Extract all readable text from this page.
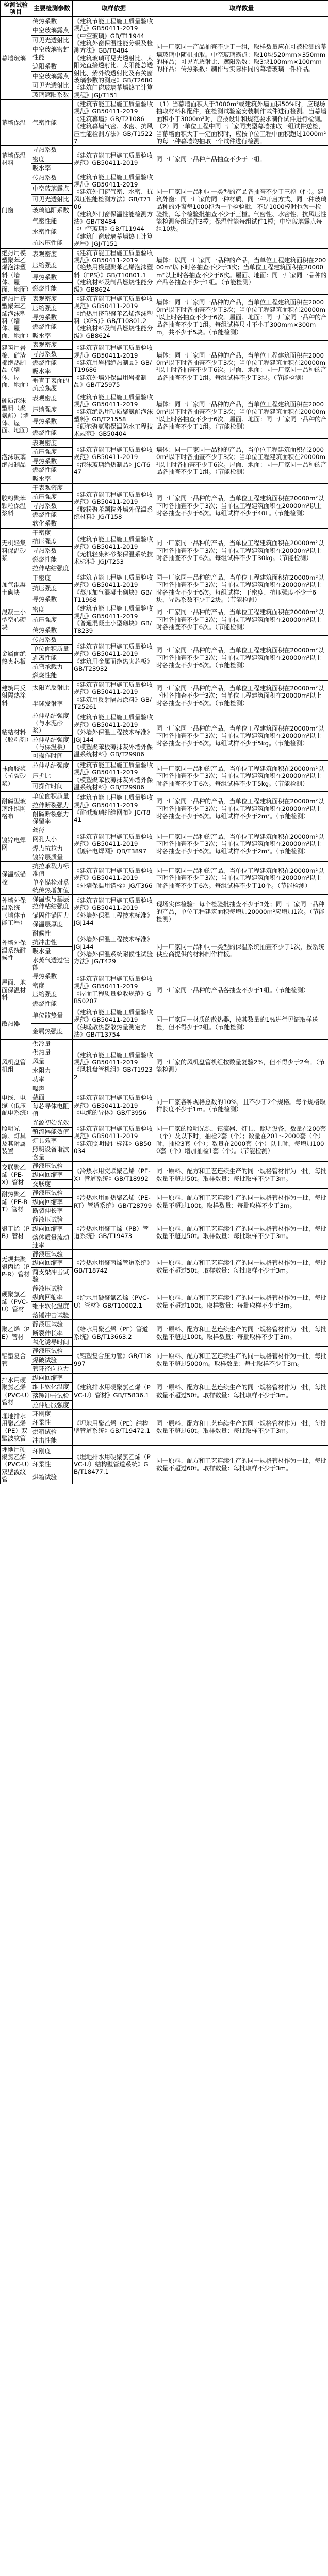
检测试验项目	主要检测参数	取样依据	取样数量
幕墙玻璃	传热系数	《建筑节能工程施工质量验收规范》GB50411-2019
《中空玻璃》GB/T11944
《建筑外窗保温性能分级及检测方法》GB/T8484
《建筑玻璃可见光透射比、太阳光直接透射比、太阳能总透射比、紫外线透射比及有关窗玻璃参数的测定》GB/T2680
《建筑门窗玻璃幕墙热工计算规程》JGJ/T151	同一厂家同一产品抽查不少于一组，取样数量应在可被检测的幕墙玻璃中随机抽取。中空玻璃露点：取10块520mm×350mm的样品；可见光透射比、遮阳系数：取3块100mm×100mm的样品；传热系数：制作与实际相同的幕墙玻璃一件样品。
	中空玻璃露点		
	可见光透射比		
	中空玻璃密封性能		
	遮阳系数		
	中空玻璃露点		
	可见光透射比		
	玻璃遮阳系数		
幕墙保温	气密性能	《建筑节能工程施工质量验收规范》GB50411-2019
《建筑幕墙》GB/T21086
《建筑幕墙气密、水密、抗风压性能检测方法》GB/T15227	（1）当幕墙面积大于3000m²或建筑外墙面积50%时，应现场抽取材料和配件，在检测试验室安装制作试件进行检测。当幕墙面积小于3000m²时，应按设计和规范要求制作试件进行检测。（2）同一单位工程中同一厂家同类型幕墙抽取一组试件送检，当幕墙面积大于一定面积时，应按单位工程中面积超过1000m²的每一种幕墙均抽取一个试件进行检测。
幕墙保温材料	导热系数	《建筑节能工程施工质量验收规范》GB50411-2019	同一厂家同一品种产品抽查不少于一组。
	密度		
	吸水率		
门窗	传热系数	《建筑节能工程施工质量验收规范》GB50411-2019
《建筑外门窗气密、水密、抗风压性能检测方法》GB/T7106
《建筑外门窗保温性能检测方法》GB/T8484
《中空玻璃》GB/T11944
《建筑门窗玻璃幕墙热工计算规程》JGJ/T151	同一厂家同一品种同一类型的产品各抽查不少于三樘（件）。建筑外窗：同一厂家的同一种材质、同一种开启方式、同一种玻璃品种的外窗每1000樘为一个检验批，不足1000樘时也为一检验批，每个检验批抽查不少于三樘。气密性、水密性、抗风压性能检测每组试件3樘；保温性能每组试件1樘；中空玻璃露点每组10块。
	中空玻璃露点		
	可见光透射比		
	玻璃遮阳系数		
	气密性能		
	水密性能		
	抗风压性能		
绝热用模塑聚苯乙烯泡沫塑料（墙体、屋面、地面）	表观密度	《建筑节能工程施工质量验收规范》GB50411-2019
《绝热用模塑聚苯乙烯泡沫塑料（EPS）》GB/T10801.1
《建筑材料及制品燃烧性能分级》GB8624	墙体：以同一厂家同一品种的产品，当单位工程建筑面积在20000m²以下时各抽查不少于3次；当单位工程建筑面积在20000m²以上时各抽查不少于6次。屋面、地面：同一厂家同一品种的产品各抽查不少于1组。（节能检测）
	压缩强度		
	导热系数		
	燃烧性能		
绝热用挤塑聚苯乙烯泡沫塑料（墙体、屋面、地面）	表观密度	《建筑节能工程施工质量验收规范》GB50411-2019
《绝热用挤塑聚苯乙烯泡沫塑料（XPS）》GB/T10801.2
《建筑材料及制品燃烧性能分级》GB8624	墙体：同一厂家同一品种的产品，当单位工程建筑面积在20000m²以下时各抽查不少于3次；当单位工程建筑面积在20000m²以上时各抽查不少于6次。屋面、地面：同一厂家同一品种的产品各抽查不少于1组。每组试样尺寸不小于300mm×300mm，共不少于5块。（节能检测）
	压缩强度		
	导热系数		
	燃烧性能		
	吸水率		
建筑用岩棉、矿渣棉绝热制品（墙体、屋面、地面）	表观密度	《建筑节能工程施工质量验收规范》GB50411-2019
《建筑用岩棉绝热制品》GB/T19686
《建筑外墙外保温用岩棉制品》GB/T25975	墙体：同一厂家同一品种的产品，当单位工程建筑面积在20000m²以下时各抽查不少于3次；当单位工程建筑面积在20000m²以上时各抽查不少于6次。屋面、地面：同一厂家同一品种的产品各抽查不少于1组。每组试样不少于3块。（节能检测）
	导热系数		
	燃烧性能		
	吸水率		
	垂直于表面的抗拉强度		
硬质泡沫塑料（聚氨酯）（墙体、屋面、地面）	表观密度	《建筑节能工程施工质量验收规范》GB50411-2019
《建筑绝热用硬质聚氨酯泡沫塑料》GB/T21558
《硬泡聚氨酯保温防水工程技术规范》GB50404	墙体：同一厂家同一品种的产品，当单位工程建筑面积在20000m²以下时各抽查不少于3次；当单位工程建筑面积在20000m²以上时各抽查不少于6次。屋面、地面：同一厂家同一品种的产品各抽查不少于1组。（节能检测）
	压缩强度		
	导热系数		
	燃烧性能		
泡沫玻璃绝热制品	表观密度	《建筑节能工程施工质量验收规范》GB50411-2019
《泡沫玻璃绝热制品》JC/T647	墙体：同一厂家同一品种的产品，当单位工程建筑面积在20000m²以下时各抽查不少于3次；当单位工程建筑面积在20000m²以上时各抽查不少于6次。屋面、地面：同一厂家同一品种的产品各抽查不少于1组。（节能检测）
	抗压强度		
	导热系数		
	燃烧性能		
	吸水率		
胶粉聚苯颗粒保温浆料	干表观密度	《建筑节能工程施工质量验收规范》GB50411-2019
《胶粉聚苯颗粒外墙外保温系统材料》JG/T158	同一厂家同一品种的产品，当单位工程建筑面积在20000m²以下时各抽查不少于3次；当单位工程建筑面积在20000m²以上时各抽查不少于6次。每组试样不少于40L。（节能检测）
	抗压强度		
	导热系数		
	燃烧性能		
	软化系数		
无机轻集料保温砂浆	干密度	《建筑节能工程施工质量验收规范》GB50411-2019
《无机轻集料砂浆保温系统技术标准》JGJ/T253	同一厂家同一品种的产品，当单位工程建筑面积在20000m²以下时各抽查不少于3次；当单位工程建筑面积在20000m²以上时各抽查不少于6次。每组试样不少于30kg。（节能检测）
	抗压强度		
	导热系数		
	燃烧性能		
	拉伸粘结强度		
加气混凝土砌块	干密度	《建筑节能工程施工质量验收规范》GB50411-2019
《蒸压加气混凝土砌块》GB/T11968	同一厂家同一品种的产品，当单位工程建筑面积在20000m²以下时各抽查不少于3次；当单位工程建筑面积在20000m²以上时各抽查不少于6次。每组试样：干密度、抗压强度不少于6块，导热系数不少于2块。（节能检测）
	抗压强度		
	导热系数		
混凝土小型空心砌块	密度	《建筑节能工程施工质量验收规范》GB50411-2019
《普通混凝土小型砌块》GB/T8239	同一厂家同一品种的产品，当单位工程建筑面积在20000m²以下时各抽查不少于3次；当单位工程建筑面积在20000m²以上时各抽查不少于6次。（节能检测）
	抗压强度		
	传热系数		
金属面绝热夹芯板	传热系数	《建筑节能工程施工质量验收规范》GB50411-2019
《建筑用金属面绝热夹芯板》GB/T23932	同一厂家同一品种的产品，当单位工程建筑面积在20000m²以下时各抽查不少于3次；当单位工程建筑面积在20000m²以上时各抽查不少于6次。（节能检测）
	单位面积质量		
	剥离性能		
	抗弯承载力		
	燃烧性能		
建筑用反射隔热涂料	太阳光反射比	《建筑节能工程施工质量验收规范》GB50411-2019
《建筑用反射隔热涂料》GB/T25261	同一厂家同一品种的产品，当单位工程建筑面积在20000m²以下时各抽查不少于3次；当单位工程建筑面积在20000m²以上时各抽查不少于6次。（节能检测）
	半球发射率		
粘结材料（胶粘剂）	拉伸粘结强度（与水泥砂浆）	《建筑节能工程施工质量验收规范》GB50411-2019
《外墙外保温工程技术标准》JGJ144
《模塑聚苯板薄抹灰外墙外保温系统材料》GB/T29906	同一厂家同一品种的产品，当单位工程建筑面积在20000m²以下时各抽查不少于3次；当单位工程建筑面积在20000m²以上时各抽查不少于6次。每组试样不少于5kg。（节能检测）
	拉伸粘结强度（与保温板）		
	可操作时间		
抹面胶浆（抗裂砂浆）	拉伸粘结强度	《建筑节能工程施工质量验收规范》GB50411-2019
《模塑聚苯板薄抹灰外墙外保温系统材料》GB/T29906	同一厂家同一品种的产品，当单位工程建筑面积在20000m²以下时各抽查不少于3次；当单位工程建筑面积在20000m²以上时各抽查不少于6次。每组试样不少于5kg。（节能检测）
	压折比		
	可操作时间		
耐碱型玻璃纤维网格布	单位面积质量	《建筑节能工程施工质量验收规范》GB50411-2019
《耐碱玻璃纤维网布》JC/T841	同一厂家同一品种的产品，当单位工程建筑面积在20000m²以下时各抽查不少于3次；当单位工程建筑面积在20000m²以上时各抽查不少于6次。每组试样不少于2m²。（节能检测）
	拉伸断裂强力		
	耐碱断裂强力保留率		
镀锌电焊网	丝径	《建筑节能工程施工质量验收规范》GB50411-2019
《镀锌电焊网》QB/T3897	同一厂家同一品种的产品，当单位工程建筑面积在20000m²以下时各抽查不少于3次；当单位工程建筑面积在20000m²以上时各抽查不少于6次。每组试样不少于2m²。（节能检测）
	网孔大小		
	焊点抗拉力		
	镀锌层质量		
保温板锚栓	抗拉承载力标准值	《建筑节能工程施工质量验收规范》GB50411-2019
《外墙保温用锚栓》JG/T366	同一厂家同一品种的产品，当单位工程建筑面积在20000m²以下时各抽查不少于3次；当单位工程建筑面积在20000m²以上时各抽查不少于6次。每组试样不少于10个。（节能检测）
	单个锚栓对系统传热增加值		
外墙外保温系统（墙体节能工程）	保温板与基层拉伸粘结强度	《建筑节能工程施工质量验收规范》GB50411-2019
《外墙外保温工程技术标准》JGJ144	现场实体检验：每个检验批抽查不少于3处；同一厂家同一品种的产品，单位工程建筑面积每增加20000m²应增加1次。（节能检测）
	锚固件锚固力		
	保温层厚度		
外墙外保温系统耐候性	耐候性	《外墙外保温工程技术标准》JGJ144
《外墙外保温系统耐候性试验方法》JG/T429	同一厂家同一品种同一类型的保温系统抽查不少于1次，按系统供应商提供的材料制作样板。
	抗冲击性		
	吸水量		
	水蒸气透过性能		
屋面、地面保温材料	导热系数	《建筑节能工程施工质量验收规范》GB50411-2019
《屋面工程质量验收规范》GB50207	同一厂家同一品种的产品各抽查不少于1组。（节能检测）
	密度		
	压缩强度		
	燃烧性能		
散热器	单位散热量	《建筑节能工程施工质量验收规范》GB50411-2019
《供暖散热器散热量测定方法》GB/T13754	同一厂家同一材质的散热器，按其数量的1%进行见证取样送检，但不得少于2组。（节能检测）
	金属热强度		
风机盘管机组	供冷量	《建筑节能工程施工质量验收规范》GB50411-2019
《风机盘管机组》GB/T19232	同一厂家的风机盘管机组按数量复验2%，但不得少于2台。（节能检测）
	供热量		
	风量		
	水阻力		
	功率		
	噪声		
电线、电缆（低压配电系统）	截面	《建筑节能工程施工质量验收规范》GB50411-2019
《电缆的导体》GB/T3956	同一厂家各种规格总数的10%，且不少于2个规格。每个规格取样长度不少于1m。（节能检测）
	每芯导体电阻值		
照明光源、灯具及其附属装置	光源初始光效	《建筑节能工程施工质量验收规范》GB50411-2019
《建筑照明设计标准》GB50034	同一厂家的照明光源、镇流器、灯具、照明设备，数量在200套（个）及以下时，抽检2套（个）；数量在201～2000套（个）时，抽检3套（个）；数量在2000套（个）以上时，每增加1000套（个）增加抽检1套（个）。（节能检测）
	镇流器能效值		
	灯具效率		
	照明设备谐波含量		
交联聚乙烯（PE-X）管材	静液压试验	《冷热水用交联聚乙烯（PE-X）管道系统》GB/T18992	同一原料、配方和工艺连续生产的同一规格管材作为一批，每批数量不超过50t。取样数量：每批取样不少于3m。
	纵向回缩率		
	交联度		
耐热聚乙烯（PE-RT）管材	静液压试验	《冷热水用耐热聚乙烯（PE-RT）管道系统》GB/T28799	同一原料、配方和工艺连续生产的同一规格管材作为一批，每批数量不超过100t。取样数量：每批取样不少于3m。
	纵向回缩率		
	断裂伸长率		
聚丁烯（PB）管材	静液压试验	《冷热水用聚丁烯（PB）管道系统》GB/T19473	同一原料、配方和工艺连续生产的同一规格管材作为一批，每批数量不超过50t。取样数量：每批取样不少于3m。
	纵向回缩率		
	熔体质量流动速率		
无规共聚聚丙烯（PP-R）管材	静液压试验	《冷热水用聚丙烯管道系统》GB/T18742	同一原料、配方和工艺连续生产的同一规格管材作为一批，每批数量不超过50t。取样数量：每批取样不少于3m。
	纵向回缩率		
	简支梁冲击试验		
硬聚氯乙烯（PVC-U）管材	静液压试验	《给水用硬聚氯乙烯（PVC-U）管材》GB/T10002.1	同一原料、配方和工艺连续生产的同一规格管材作为一批，每批数量不超过100t。取样数量：每批取样不少于3m。
	纵向回缩率		
	维卡软化温度		
	落锤冲击试验		
聚乙烯（PE）管材	静液压试验	《给水用聚乙烯（PE）管道系统》GB/T13663.2	同一原料、配方和工艺连续生产的同一规格管材作为一批，每批数量不超过100t。取样数量：每批取样不少于3m。
	断裂伸长率		
	氧化诱导时间		
铝塑复合管	静液压试验	《铝塑复合压力管》GB/T18997	同一原料、配方和工艺连续生产的同一规格管材作为一批，每批数量不超过5000m。取样数量：每批取样不少于3m。
	爆破试验		
	管环径向拉力		
排水用硬聚氯乙烯（PVC-U）管材	纵向回缩率	《建筑排水用硬聚氯乙烯（PVC-U）管材》GB/T5836.1	同一原料、配方和工艺连续生产的同一规格管材作为一批，每批数量不超过50t。取样数量：每批取样不少于3m。
	维卡软化温度		
	落锤冲击试验		
	拉伸屈服强度		
埋地排水用聚乙烯（PE）双壁波纹管	环刚度	《埋地用聚乙烯（PE）结构壁管道系统》GB/T19472.1	同一原料、配方和工艺连续生产的同一规格管材作为一批，每批数量不超过60t。取样数量：每批取样不少于3m。
	环柔性		
	烘箱试验		
	冲击性能		
埋地用硬聚氯乙烯（PVC-U）双壁波纹管	环刚度	《埋地排水用硬聚氯乙烯（PVC-U）结构壁管道系统》GB/T18477.1	同一原料、配方和工艺连续生产的同一规格管材作为一批，每批数量不超过60t。取样数量：每批取样不少于3m。
	环柔性		
	烘箱试验		
